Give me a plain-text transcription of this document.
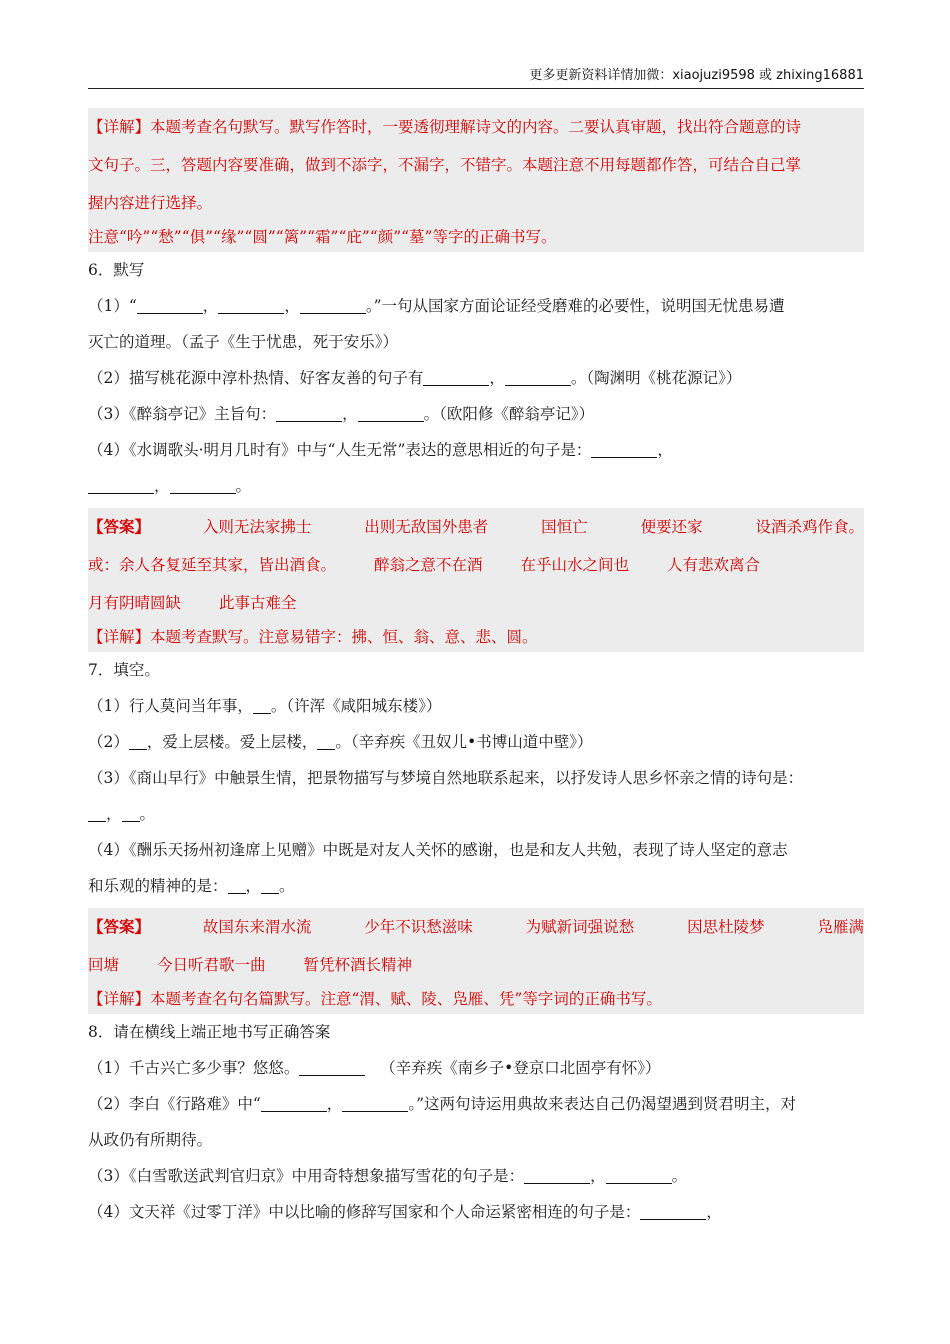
更多更新资料详情加微：xiaojuzi9598 或 zhixing16881
【详解】本题考查名句默写。默写作答时，一要透彻理解诗文的内容。二要认真审题，找出符合题意的诗
文句子。三，答题内容要准确，做到不添字，不漏字，不错字。本题注意不用每题都作答，可结合自己掌
握内容进行选择。
注意“吟”“愁”“俱”“缘”“圆”“篱”“霜”“庇”“颜”“墓”等字的正确书写。
6．默写
（1）“	，	，	。”一句从国家方面论证经受磨难的必要性，说明国无忧患易遭
灭亡的道理。（孟子《生于忧患，死于安乐》）
（2）描写桃花源中淳朴热情、好客友善的句子有	，	。（陶渊明《桃花源记》）
（3）《醉翁亭记》主旨句：	，	。（欧阳修《醉翁亭记》）
（4）《水调歌头·明月几时有》中与“人生无常”表达的意思相近的句子是：	，
，	。
【答案】	入则无法家拂士	出则无敌国外患者	国恒亡	便要还家	设酒杀鸡作食。
或：余人各复延至其家，皆出酒食。 醉翁之意不在酒 在乎山水之间也 人有悲欢离合
月有阴晴圆缺 此事古难全
【详解】本题考查默写。注意易错字：拂、恒、翁、意、悲、圆。
7．填空。
（1）行人莫问当年事， 。（许浑《咸阳城东楼》）
（2） ，爱上层楼。爱上层楼， 。（辛弃疾《丑奴儿•书博山道中壁》）
（3）《商山早行》中触景生情，把景物描写与梦境自然地联系起来，以抒发诗人思乡怀亲之情的诗句是：
， 。
（4）《酬乐天扬州初逢席上见赠》中既是对友人关怀的感谢，也是和友人共勉，表现了诗人坚定的意志
和乐观的精神的是： ， 。
【答案】	故国东来渭水流	少年不识愁滋味	为赋新词强说愁	因思杜陵梦	凫雁满
回塘 今日听君歌一曲 暂凭杯酒长精神
【详解】本题考查名句名篇默写。注意“渭、赋、陵、凫雁、凭”等字词的正确书写。
8．请在横线上端正地书写正确答案
（1）千古兴亡多少事？悠悠。	（辛弃疾《南乡子•登京口北固亭有怀》）
（2）李白《行路难》中“	，	。”这两句诗运用典故来表达自己仍渴望遇到贤君明主，对
从政仍有所期待。
（3）《白雪歌送武判官归京》中用奇特想象描写雪花的句子是：	，	。
（4）文天祥《过零丁洋》中以比喻的修辞写国家和个人命运紧密相连的句子是：	，
